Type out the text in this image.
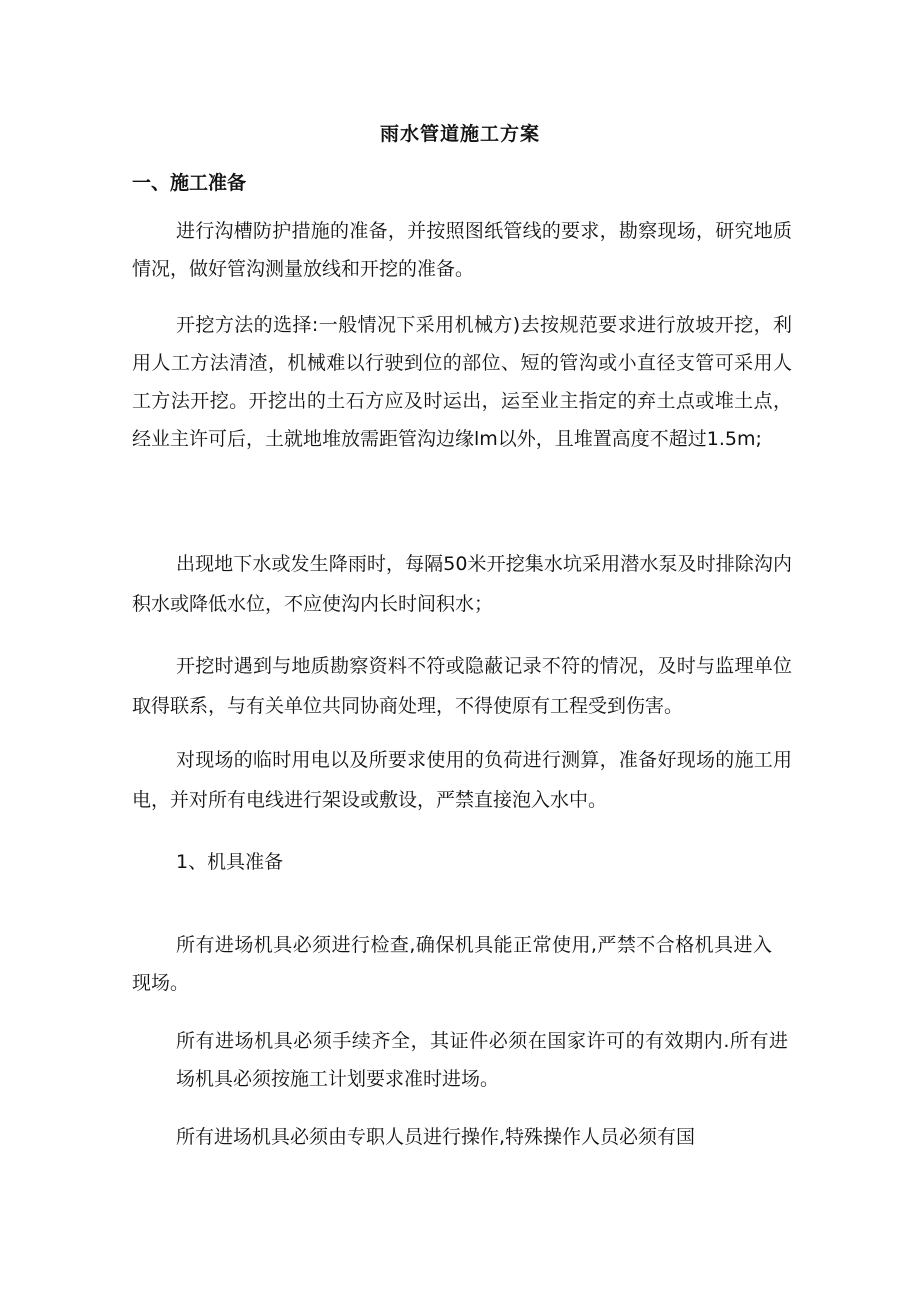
雨水管道施工方案
一、施工准备
进行沟槽防护措施的准备，并按照图纸管线的要求，勘察现场，研究地质情况，做好管沟测量放线和开挖的准备。
开挖方法的选择:一般情况下采用机械方)去按规范要求进行放坡开挖，利用人工方法清渣，机械难以行驶到位的部位、短的管沟或小直径支管可采用人工方法开挖。开挖出的土石方应及时运出，运至业主指定的弃土点或堆土点，经业主许可后，土就地堆放需距管沟边缘lm以外，且堆置高度不超过1.5m;
出现地下水或发生降雨时，每隔50米开挖集水坑采用潜水泵及时排除沟内积水或降低水位，不应使沟内长时间积水；
开挖时遇到与地质勘察资料不符或隐蔽记录不符的情况，及时与监理单位取得联系，与有关单位共同协商处理，不得使原有工程受到伤害。
对现场的临时用电以及所要求使用的负荷进行测算，准备好现场的施工用电，并对所有电线进行架设或敷设，严禁直接泡入水中。
1、机具准备
所有进场机具必须进行检查,确保机具能正常使用,严禁不合格机具进入现场。
所有进场机具必须手续齐全，其证件必须在国家许可的有效期内.所有进场机具必须按施工计划要求准时进场。
所有进场机具必须由专职人员进行操作,特殊操作人员必须有国
